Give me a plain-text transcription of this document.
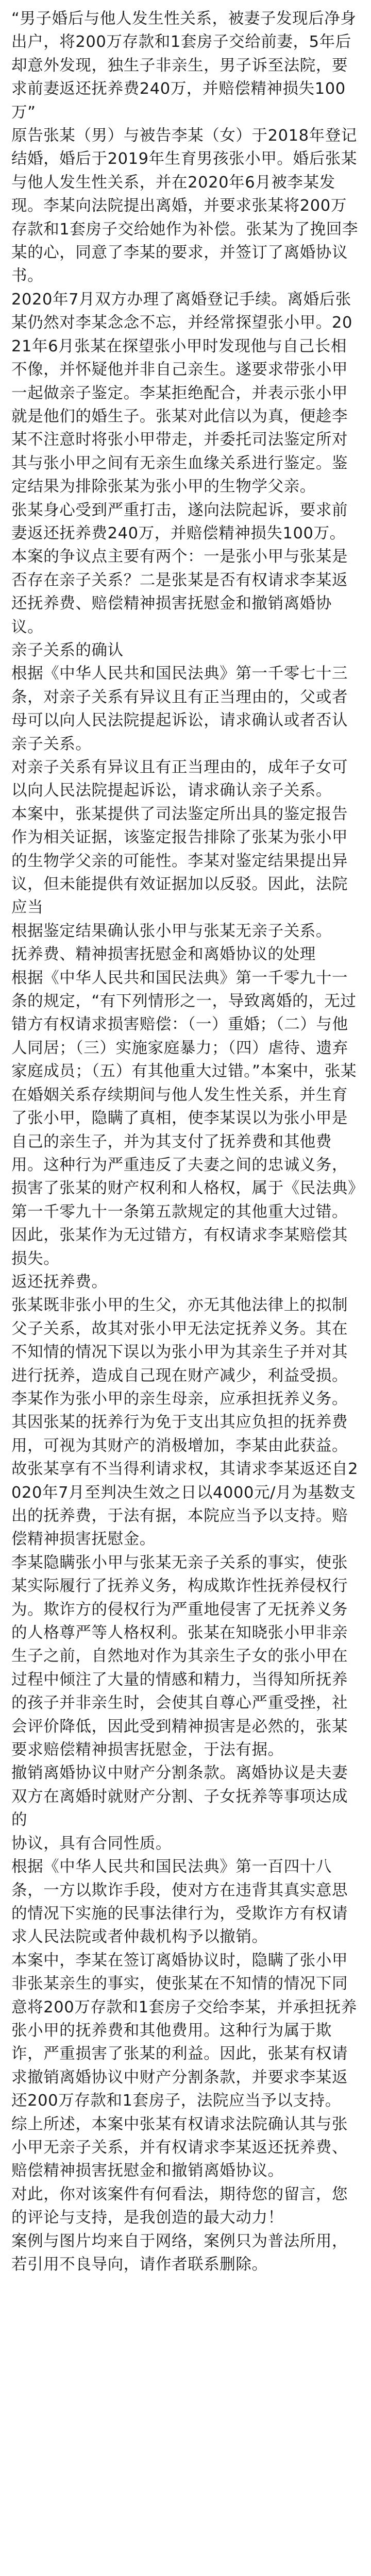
“男子婚后与他人发生性关系，被妻子发现后净身出户，将200万存款和1套房子交给前妻，5年后却意外发现，独生子非亲生，男子诉至法院，要求前妻返还抚养费240万，并赔偿精神损失100万”

原告张某（男）与被告李某（女）于2018年登记结婚，婚后于2019年生育男孩张小甲。婚后张某与他人发生性关系，并在2020年6月被李某发现。李某向法院提出离婚，并要求张某将200万存款和1套房子交给她作为补偿。张某为了挽回李某的心，同意了李某的要求，并签订了离婚协议书。

2020年7月双方办理了离婚登记手续。离婚后张某仍然对李某念念不忘，并经常探望张小甲。2021年6月张某在探望张小甲时发现他与自己长相不像，并怀疑他并非自己亲生。遂要求带张小甲一起做亲子鉴定。李某拒绝配合，并表示张小甲就是他们的婚生子。张某对此信以为真，便趁李某不注意时将张小甲带走，并委托司法鉴定所对其与张小甲之间有无亲生血缘关系进行鉴定。鉴定结果为排除张某为张小甲的生物学父亲。

张某身心受到严重打击，遂向法院起诉，要求前妻返还抚养费240万，并赔偿精神损失100万。

本案的争议点主要有两个：一是张小甲与张某是否存在亲子关系？二是张某是否有权请求李某返还抚养费、赔偿精神损害抚慰金和撤销离婚协议。

亲子关系的确认

根据《中华人民共和国民法典》第一千零七十三条，对亲子关系有异议且有正当理由的，父或者母可以向人民法院提起诉讼，请求确认或者否认亲子关系。

对亲子关系有异议且有正当理由的，成年子女可以向人民法院提起诉讼，请求确认亲子关系。

本案中，张某提供了司法鉴定所出具的鉴定报告作为相关证据，该鉴定报告排除了张某为张小甲的生物学父亲的可能性。李某对鉴定结果提出异议，但未能提供有效证据加以反驳。因此，法院应当

根据鉴定结果确认张小甲与张某无亲子关系。

抚养费、精神损害抚慰金和离婚协议的处理

根据《中华人民共和国民法典》第一千零九十一条的规定，“有下列情形之一，导致离婚的，无过错方有权请求损害赔偿：（一）重婚；（二）与他人同居；（三）实施家庭暴力；（四）虐待、遗弃家庭成员；（五）有其他重大过错。”本案中，张某在婚姻关系存续期间与他人发生性关系，并生育了张小甲，隐瞒了真相，使李某误以为张小甲是自己的亲生子，并为其支付了抚养费和其他费用。这种行为严重违反了夫妻之间的忠诚义务，损害了张某的财产权利和人格权，属于《民法典》第一千零九十一条第五款规定的其他重大过错。因此，张某作为无过错方，有权请求李某赔偿其损失。

返还抚养费。

张某既非张小甲的生父，亦无其他法律上的拟制父子关系，故其对张小甲无法定抚养义务。其在不知情的情况下误以为张小甲为其亲生子并对其进行抚养，造成自己现在财产减少，利益受损。李某作为张小甲的亲生母亲，应承担抚养义务。其因张某的抚养行为免于支出其应负担的抚养费用，可视为其财产的消极增加，李某由此获益。故张某享有不当得利请求权，其请求李某返还自2020年7月至判决生效之日以4000元/月为基数支出的抚养费，于法有据，本院应当予以支持。赔偿精神损害抚慰金。

李某隐瞒张小甲与张某无亲子关系的事实，使张某实际履行了抚养义务，构成欺诈性抚养侵权行为。欺诈方的侵权行为严重地侵害了无抚养义务的人格尊严等人格权利。张某在知晓张小甲非亲生子之前，自然地对作为其亲生子女的张小甲在过程中倾注了大量的情感和精力，当得知所抚养的孩子并非亲生时，会使其自尊心严重受挫，社会评价降低，因此受到精神损害是必然的，张某要求赔偿精神损害抚慰金，于法有据。

撤销离婚协议中财产分割条款。离婚协议是夫妻双方在离婚时就财产分割、子女抚养等事项达成的

协议，具有合同性质。

根据《中华人民共和国民法典》第一百四十八条，一方以欺诈手段，使对方在违背其真实意思的情况下实施的民事法律行为，受欺诈方有权请求人民法院或者仲裁机构予以撤销。

本案中，李某在签订离婚协议时，隐瞒了张小甲非张某亲生的事实，使张某在不知情的情况下同意将200万存款和1套房子交给李某，并承担抚养张小甲的抚养费和其他费用。这种行为属于欺诈，严重损害了张某的利益。因此，张某有权请求撤销离婚协议中财产分割条款，并要求李某返还200万存款和1套房子，法院应当予以支持。

综上所述，本案中张某有权请求法院确认其与张小甲无亲子关系，并有权请求李某返还抚养费、赔偿精神损害抚慰金和撤销离婚协议。

对此，你对该案件有何看法，期待您的留言，您的评论与支持，是我创造的最大动力！

案例与图片均来自于网络，案例只为普法所用，若引用不良导向，请作者联系删除。
